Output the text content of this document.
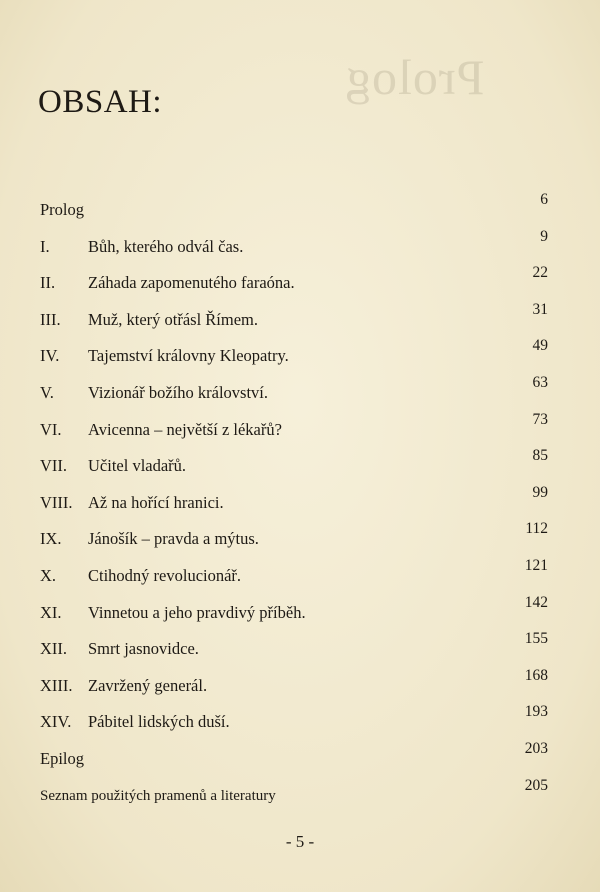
Prolog
OBSAH:
Prolog
6
I. Bůh, kterého odvál čas.
9
II. Záhada zapomenutého faraóna.
22
III. Muž, který otřásl Římem.
31
IV. Tajemství královny Kleopatry.
49
V. Vizionář božího království.
63
VI. Avicenna – největší z lékařů?
73
VII. Učitel vladařů.
85
VIII. Až na hořící hranici.
99
IX. Jánošík – pravda a mýtus.
112
X. Ctihodný revolucionář.
121
XI. Vinnetou a jeho pravdivý příběh.
142
XII. Smrt jasnovidce.
155
XIII. Zavržený generál.
168
XIV. Pábitel lidských duší.
193
Epilog
203
Seznam použitých pramenů a literatury
205
- 5 -
